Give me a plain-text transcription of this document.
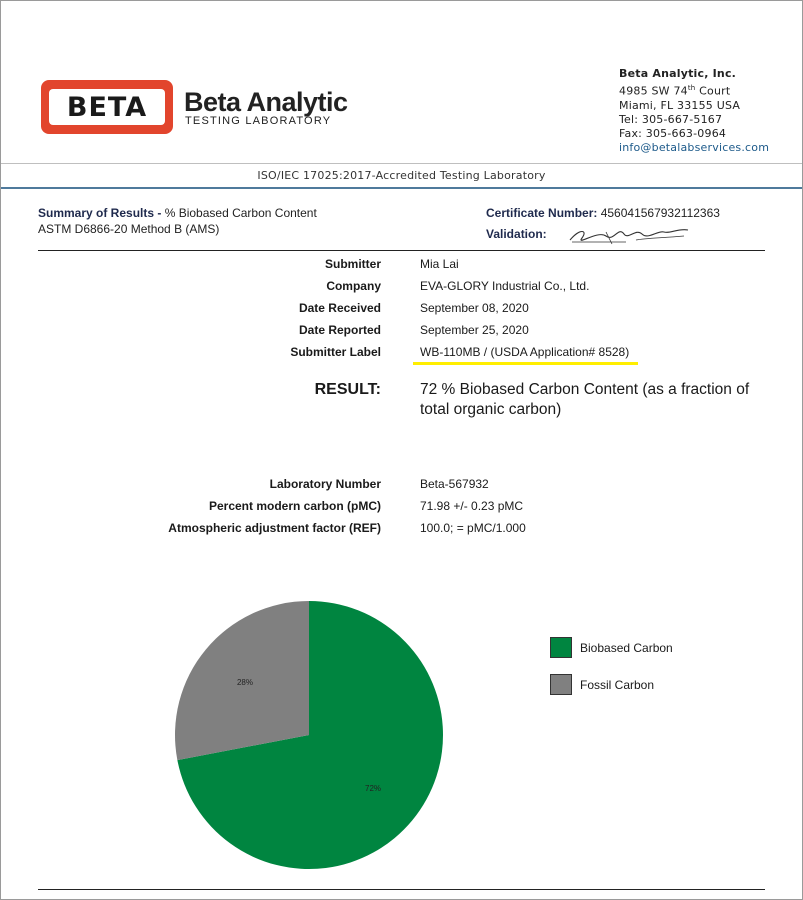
BETA Beta Analytic
TESTING LABORATORY
Beta Analytic, Inc.
4985 SW 74th Court
Miami, FL 33155 USA
Tel: 305-667-5167
Fax: 305-663-0964
info@betalabservices.com
ISO/IEC 17025:2017-Accredited Testing Laboratory
Summary of Results - % Biobased Carbon Content
ASTM D6866-20 Method B (AMS)
Certificate Number: 456041567932112363
Validation:
Submitter	Mia Lai
Company	EVA-GLORY Industrial Co., Ltd.
Date Received	September 08, 2020
Date Reported	September 25, 2020
Submitter Label	WB-110MB / (USDA Application# 8528)
RESULT:	72 % Biobased Carbon Content (as a fraction of total organic carbon)
Laboratory Number	Beta-567932
Percent modern carbon (pMC)	71.98 +/- 0.23 pMC
Atmospheric adjustment factor (REF)	100.0; = pMC/1.000
72%
28%
Biobased Carbon
Fossil Carbon
